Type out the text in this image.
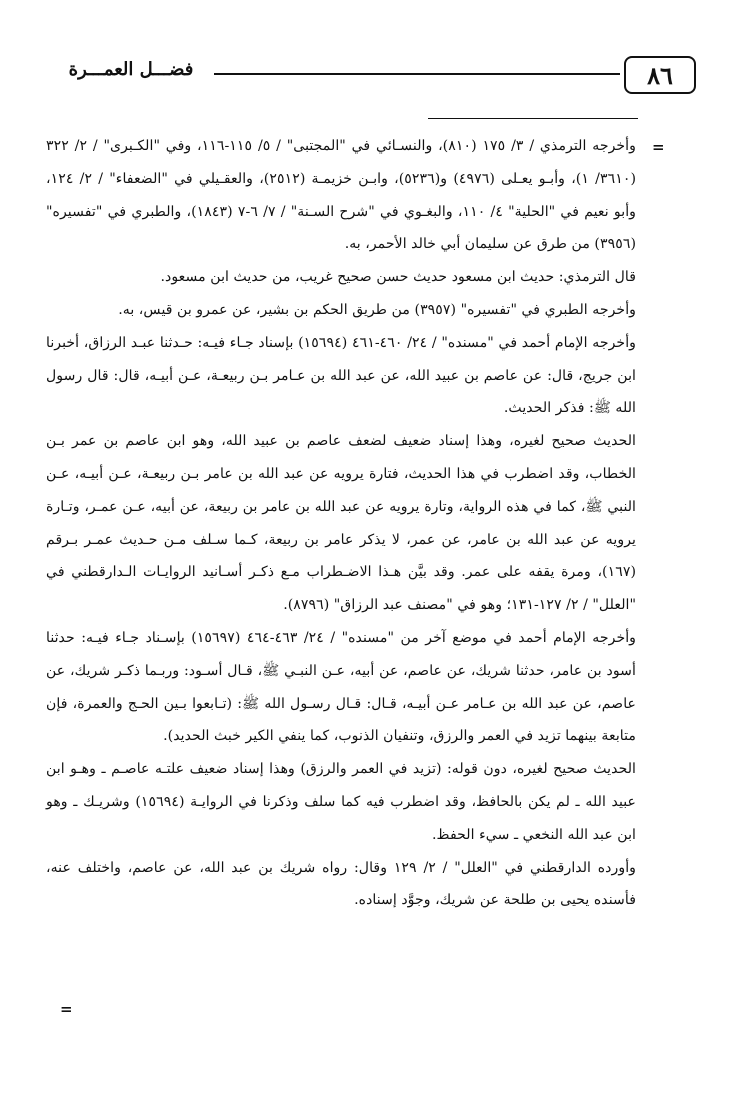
٨٦
فضـــل العمـــرة
=
=

وأخرجه الترمذي / ٣/ ١٧٥ (٨١٠)، والنسـائي في "المجتبى" / ٥/ ١١٥-١١٦، وفي "الكـبرى" / ٢/ ٣٢٢ (٣٦١٠/ ١)، وأبـو يعـلى (٤٩٧٦) و(٥٢٣٦)، وابـن خزيمـة (٢٥١٢)، والعقـيلي في "الضعفاء" / ٢/ ١٢٤، وأبو نعيم في "الحلية" ٤/ ١١٠، والبغـوي في "شرح السـنة" / ٧/ ٦-٧ (١٨٤٣)، والطبري في "تفسيره" (٣٩٥٦) من طرق عن سليمان أبي خالد الأحمر، به.

قال الترمذي: حديث ابن مسعود حديث حسن صحيح غريب، من حديث ابن مسعود.

وأخرجه الطبري في "تفسيره" (٣٩٥٧) من طريق الحكم بن بشير، عن عمرو بن قيس، به.

وأخرجه الإمام أحمد في "مسنده" / ٢٤/ ٤٦٠-٤٦١ (١٥٦٩٤) بإسناد جـاء فيـه: حـدثنا عبـد الرزاق، أخبرنا ابن جريج، قال: عن عاصم بن عبيد الله، عن عبد الله بن عـامر بـن ربيعـة، عـن أبيـه، قال: قال رسول الله ﷺ: فذكر الحديث.

الحديث صحيح لغيره، وهذا إسناد ضعيف لضعف عاصم بن عبيد الله، وهو ابن عاصم بن عمر بـن الخطاب، وقد اضطرب في هذا الحديث، فتارة يرويه عن عبد الله بن عامر بـن ربيعـة، عـن أبيـه، عـن النبي ﷺ، كما في هذه الرواية، وتارة يرويه عن عبد الله بن عامر بن ربيعة، عن أبيه، عـن عمـر، وتـارة يرويه عن عبد الله بن عامر، عن عمر، لا يذكر عامر بن ربيعة، كـما سـلف مـن حـديث عمـر بـرقم (١٦٧)، ومرة يقفه على عمر. وقد بيَّن هـذا الاضـطراب مـع ذكـر أسـانيد الروايـات الـدارقطني في "العلل" / ٢/ ١٢٧-١٣١؛ وهو في "مصنف عبد الرزاق" (٨٧٩٦).

وأخرجه الإمام أحمد في موضع آخر من "مسنده" / ٢٤/ ٤٦٣-٤٦٤ (١٥٦٩٧) بإسـناد جـاء فيـه: حدثنا أسود بن عامر، حدثنا شريك، عن عاصم، عن أبيه، عـن النبـي ﷺ، قـال أسـود: وربـما ذكـر شريك، عن عاصم، عن عبد الله بن عـامر عـن أبيـه، قـال: قـال رسـول الله ﷺ: (تـابعوا بـين الحـج والعمرة، فإن متابعة بينهما تزيد في العمر والرزق، وتنفيان الذنوب، كما ينفي الكير خبث الحديد).

الحديث صحيح لغيره، دون قوله: (تزيد في العمر والرزق) وهذا إسناد ضعيف علتـه عاصـم ـ وهـو ابن عبيد الله ـ لم يكن بالحافظ، وقد اضطرب فيه كما سلف وذكرنا في الروايـة (١٥٦٩٤) وشريـك ـ وهو ابن عبد الله النخعي ـ سيء الحفظ.

وأورده الدارقطني في "العلل" / ٢/ ١٢٩ وقال: رواه شريك بن عبد الله، عن عاصم، واختلف عنه، فأسنده يحيى بن طلحة عن شريك، وجوَّد إسناده.
